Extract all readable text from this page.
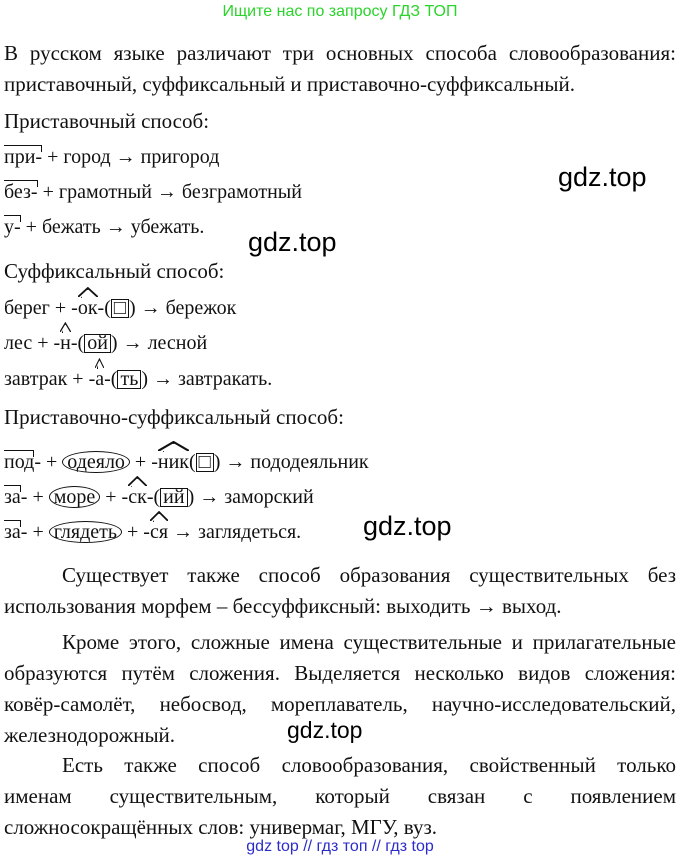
Ищите нас по запросу ГДЗ ТОП
В русском языке различают три основных способа словообразования:
приставочный, суффиксальный и приставочно-суффиксальный.
Приставочный способ:
при- + город → пригород
без- + грамотный → безграмотный
у- + бежать → убежать.
gdz.top
gdz.top
Суффиксальный способ:
берег + -
ок-( □ ) → бережок
лес + -
н-( ой ) → лесной
завтрак + -
а-( ть ) → завтракать.
Приставочно-суффиксальный способ:
под- + одеяло + -
ник( □ ) → пододеяльник
за- + море + -
ск-( ий ) → заморский
за- + глядеть + -
ся → заглядеться. gdz.top
Существует также способ образования существительных без
использования морфем – бессуффиксный: выходить → выход.
Кроме этого, сложные имена существительные и прилагательные
образуются путём сложения. Выделяется несколько видов сложения:
ковёр-самолёт, небосвод, мореплаватель, научно-исследовательский,
железнодорожный.	gdz.top
Есть также способ словообразования, свойственный только
именам существительным, который связан с появлением
сложносокращённых слов: универмаг, МГУ, вуз.
gdz top // гдз топ // гдз top
